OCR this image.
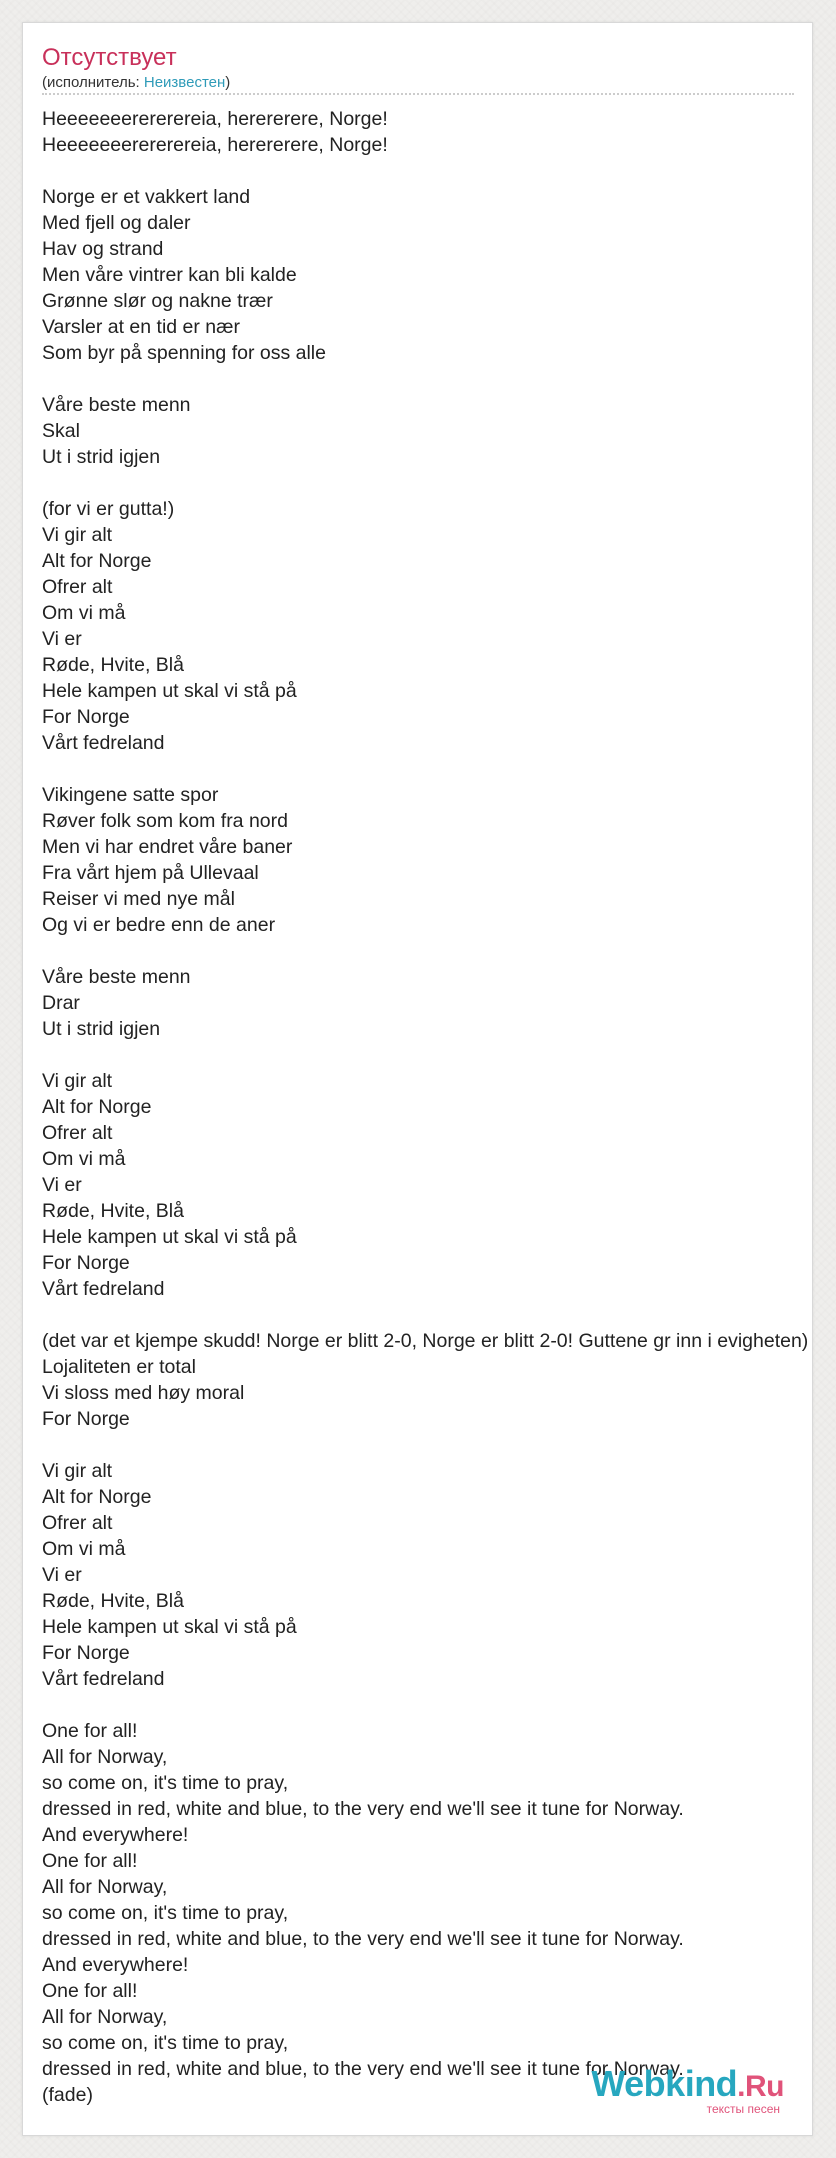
Отсутствует
(исполнитель: Неизвестен)
Heeeeeeerererereia, herererere, Norge!
Heeeeeeerererereia, herererere, Norge!
Norge er et vakkert land
Med fjell og daler
Hav og strand
Men våre vintrer kan bli kalde
Grønne slør og nakne trær
Varsler at en tid er nær
Som byr på spenning for oss alle
Våre beste menn
Skal
Ut i strid igjen
(for vi er gutta!)
Vi gir alt
Alt for Norge
Ofrer alt
Om vi må
Vi er
Røde, Hvite, Blå
Hele kampen ut skal vi stå på
For Norge
Vårt fedreland
Vikingene satte spor
Røver folk som kom fra nord
Men vi har endret våre baner
Fra vårt hjem på Ullevaal
Reiser vi med nye mål
Og vi er bedre enn de aner
Våre beste menn
Drar
Ut i strid igjen
Vi gir alt
Alt for Norge
Ofrer alt
Om vi må
Vi er
Røde, Hvite, Blå
Hele kampen ut skal vi stå på
For Norge
Vårt fedreland
(det var et kjempe skudd! Norge er blitt 2-0, Norge er blitt 2-0! Guttene gr inn i evigheten)
Lojaliteten er total
Vi sloss med høy moral
For Norge
Vi gir alt
Alt for Norge
Ofrer alt
Om vi må
Vi er
Røde, Hvite, Blå
Hele kampen ut skal vi stå på
For Norge
Vårt fedreland
One for all!
All for Norway,
so come on, it's time to pray,
dressed in red, white and blue, to the very end we'll see it tune for Norway.
And everywhere!
One for all!
All for Norway,
so come on, it's time to pray,
dressed in red, white and blue, to the very end we'll see it tune for Norway.
And everywhere!
One for all!
All for Norway,
so come on, it's time to pray,
dressed in red, white and blue, to the very end we'll see it tune for Norway.
(fade)	Webkind.Ru
тексты песен
